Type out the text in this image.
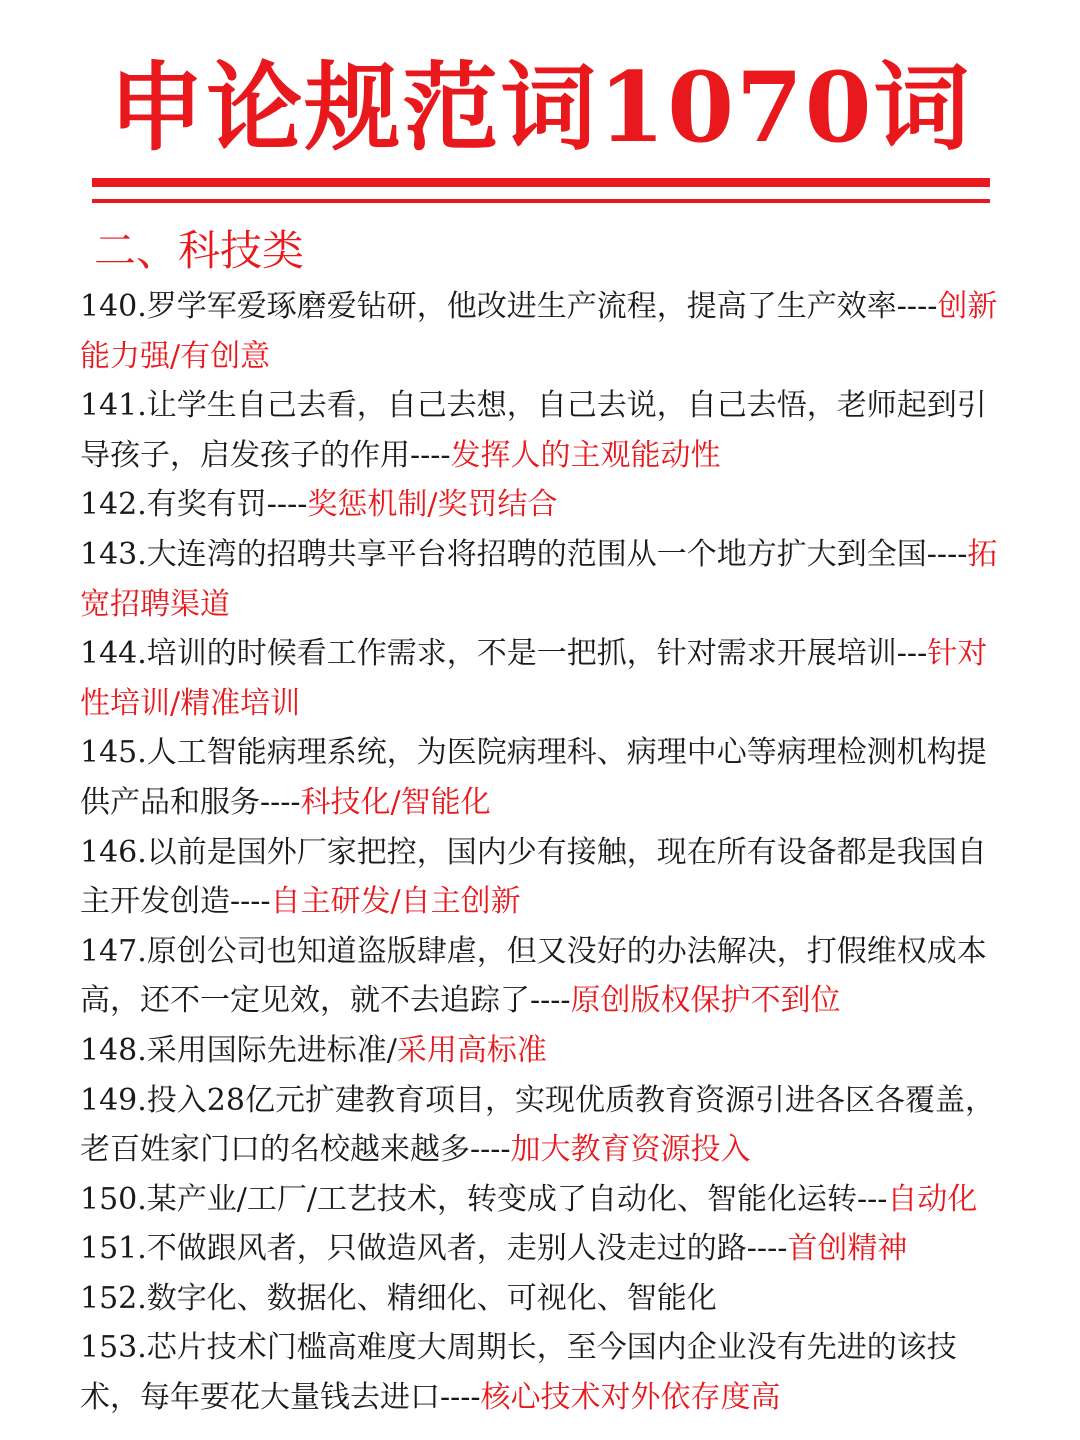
申论规范词1070词
二、科技类

140.罗学军爱琢磨爱钻研，他改进生产流程，提高了生产效率----创新能力强/有创意

141.让学生自己去看，自己去想，自己去说，自己去悟，老师起到引导孩子，启发孩子的作用----发挥人的主观能动性

142.有奖有罚----奖惩机制/奖罚结合

143.大连湾的招聘共享平台将招聘的范围从一个地方扩大到全国----拓宽招聘渠道

144.培训的时候看工作需求，不是一把抓，针对需求开展培训---针对性培训/精准培训

145.人工智能病理系统，为医院病理科、病理中心等病理检测机构提供产品和服务----科技化/智能化

146.以前是国外厂家把控，国内少有接触，现在所有设备都是我国自主开发创造----自主研发/自主创新

147.原创公司也知道盗版肆虐，但又没好的办法解决，打假维权成本高，还不一定见效，就不去追踪了----原创版权保护不到位

148.采用国际先进标准/采用高标准

149.投入28亿元扩建教育项目，实现优质教育资源引进各区各覆盖，老百姓家门口的名校越来越多----加大教育资源投入

150.某产业/工厂/工艺技术，转变成了自动化、智能化运转---自动化

151.不做跟风者，只做造风者，走别人没走过的路----首创精神

152.数字化、数据化、精细化、可视化、智能化

153.芯片技术门槛高难度大周期长，至今国内企业没有先进的该技术，每年要花大量钱去进口----核心技术对外依存度高
